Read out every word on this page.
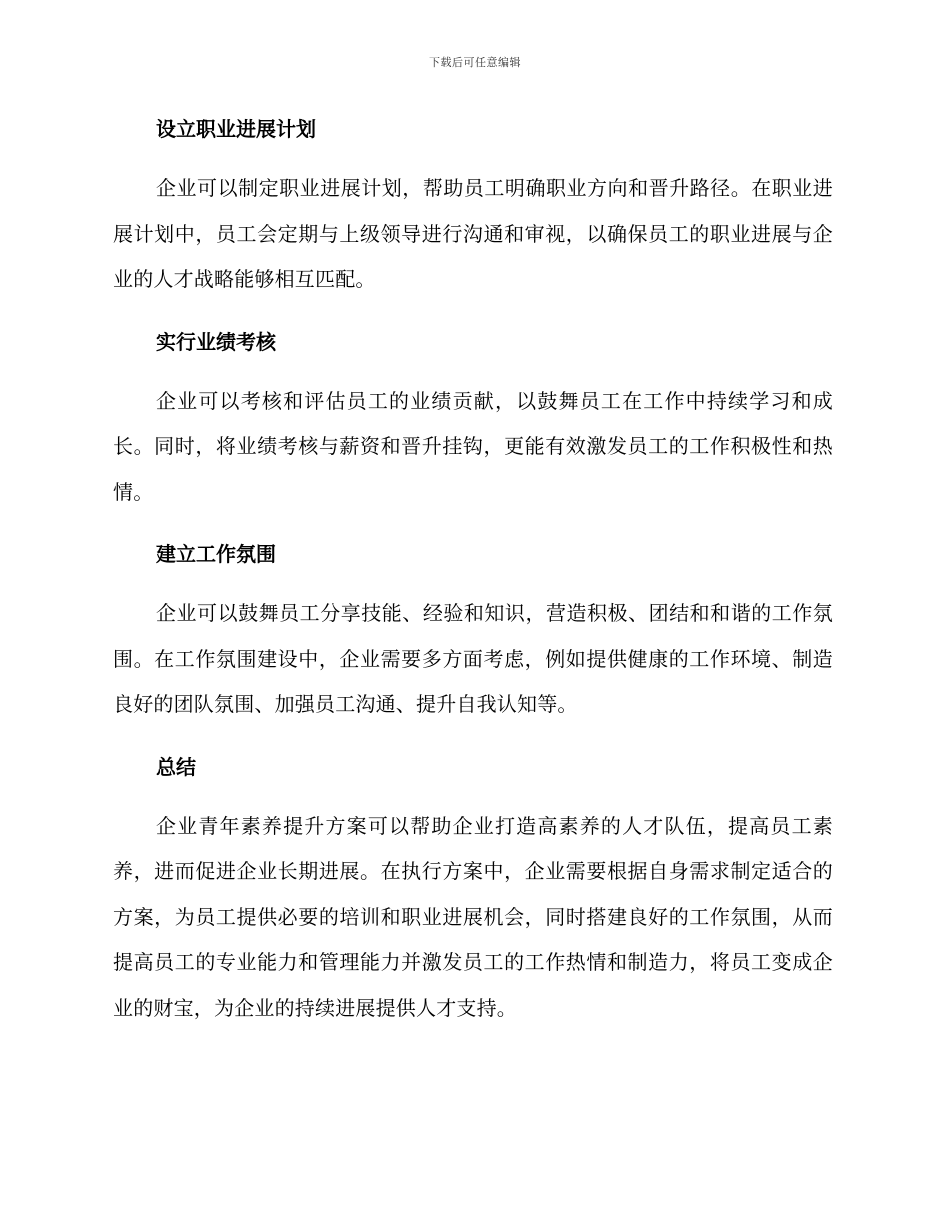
下载后可任意编辑
设立职业进展计划

企业可以制定职业进展计划，帮助员工明确职业方向和晋升路径。在职业进展计划中，员工会定期与上级领导进行沟通和审视，以确保员工的职业进展与企业的人才战略能够相互匹配。

实行业绩考核

企业可以考核和评估员工的业绩贡献，以鼓舞员工在工作中持续学习和成长。同时，将业绩考核与薪资和晋升挂钩，更能有效激发员工的工作积极性和热情。

建立工作氛围

企业可以鼓舞员工分享技能、经验和知识，营造积极、团结和和谐的工作氛围。在工作氛围建设中，企业需要多方面考虑，例如提供健康的工作环境、制造良好的团队氛围、加强员工沟通、提升自我认知等。

总结

企业青年素养提升方案可以帮助企业打造高素养的人才队伍，提高员工素养，进而促进企业长期进展。在执行方案中，企业需要根据自身需求制定适合的方案，为员工提供必要的培训和职业进展机会，同时搭建良好的工作氛围，从而提高员工的专业能力和管理能力并激发员工的工作热情和制造力，将员工变成企业的财宝，为企业的持续进展提供人才支持。
